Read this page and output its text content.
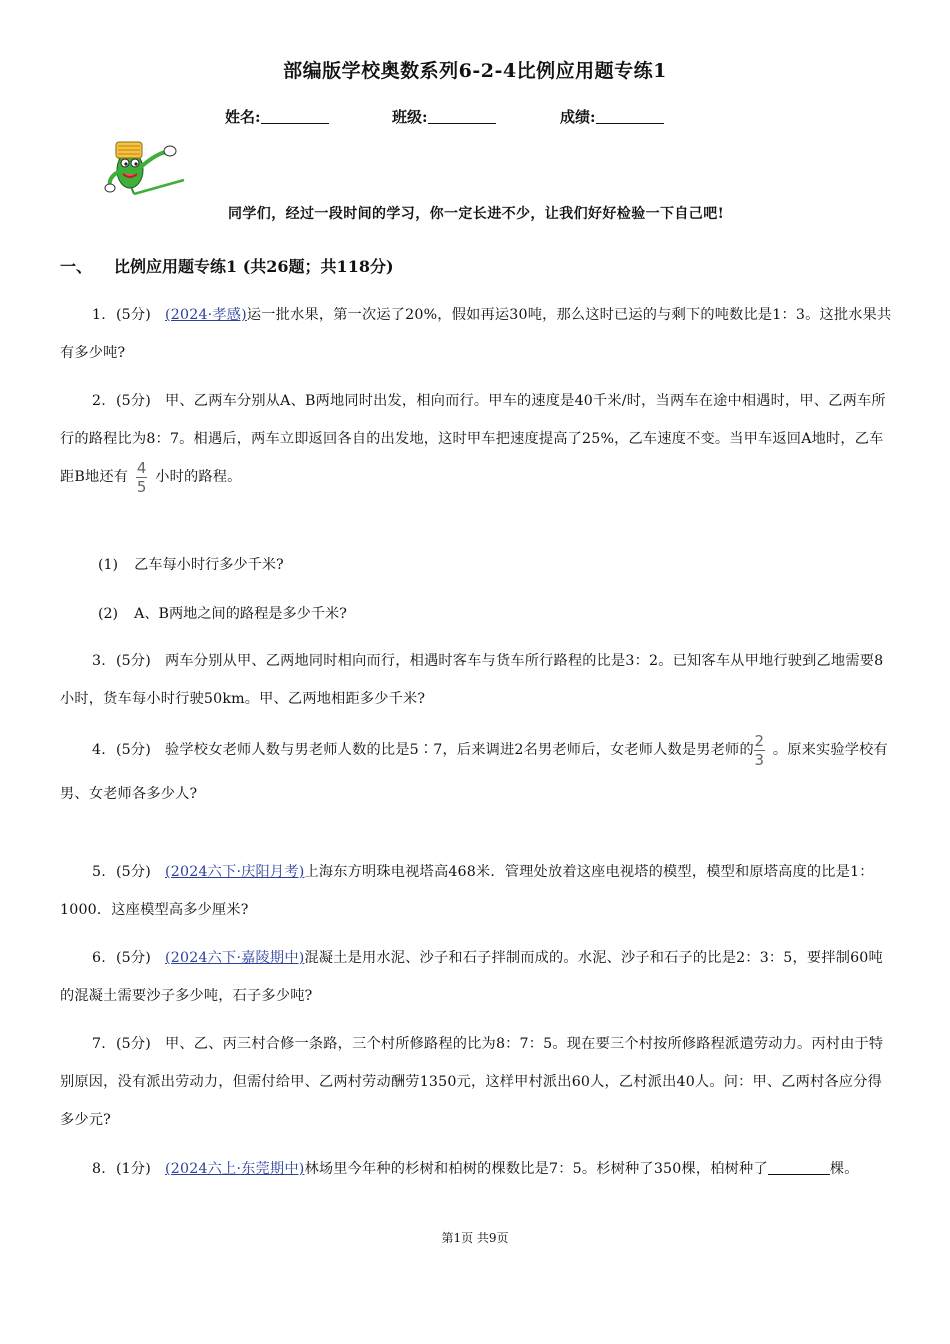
部编版学校奥数系列6-2-4比例应用题专练1
姓名:	班级:	成绩:
同学们，经过一段时间的学习，你一定长进不少，让我们好好检验一下自己吧!
一、 比例应用题专练1 (共26题；共118分)
1. (5分) (2024·孝感)运一批水果，第一次运了20%，假如再运30吨，那么这时已运的与剩下的吨数比是1：3。这批水果共有多少吨?
2. (5分) 甲、乙两车分别从A、B两地同时出发，相向而行。甲车的速度是40千米/时，当两车在途中相遇时，甲、乙两车所行的路程比为8：7。相遇后，两车立即返回各自的出发地，这时甲车把速度提高了25%，乙车速度不变。当甲车返回A地时，乙车距B地还有 $\frac{4}{5}$ 小时的路程。
(1) 乙车每小时行多少千米?
(2) A、B两地之间的路程是多少千米?
3. (5分) 两车分别从甲、乙两地同时相向而行，相遇时客车与货车所行路程的比是3：2。已知客车从甲地行驶到乙地需要8小时，货车每小时行驶50km。甲、乙两地相距多少千米?
4. (5分) 验学校女老师人数与男老师人数的比是5∶7，后来调进2名男老师后，女老师人数是男老师的$\frac{2}{3}$ 。原来实验学校有男、女老师各多少人?
5. (5分) (2024六下·庆阳月考)上海东方明珠电视塔高468米．管理处放着这座电视塔的模型，模型和原塔高度的比是1：1000．这座模型高多少厘米?
6. (5分) (2024六下·嘉陵期中)混凝土是用水泥、沙子和石子拌制而成的。水泥、沙子和石子的比是2：3：5，要拌制60吨的混凝土需要沙子多少吨，石子多少吨?
7. (5分) 甲、乙、丙三村合修一条路，三个村所修路程的比为8：7：5。现在要三个村按所修路程派遣劳动力。丙村由于特别原因，没有派出劳动力，但需付给甲、乙两村劳动酬劳1350元，这样甲村派出60人，乙村派出40人。问：甲、乙两村各应分得多少元?
8. (1分) (2024六上·东莞期中)林场里今年种的杉树和柏树的棵数比是7：5。杉树种了350棵，柏树种了	棵。
第1页 共9页
